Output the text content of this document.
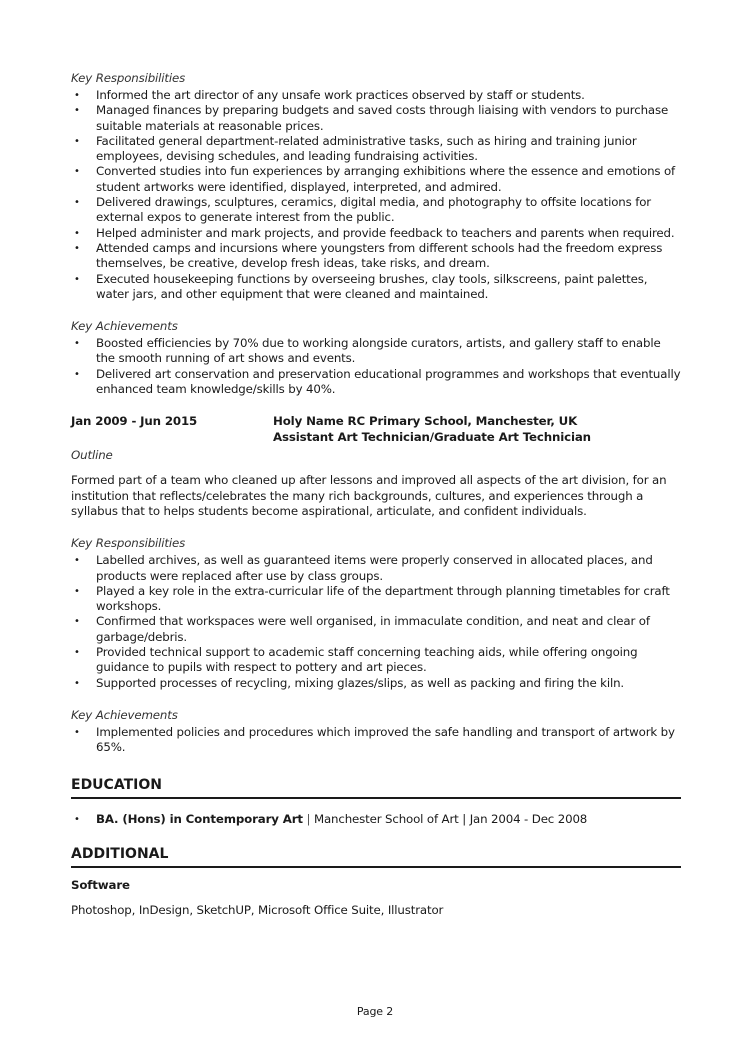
Key Responsibilities
• Informed the art director of any unsafe work practices observed by staff or students.
• Managed finances by preparing budgets and saved costs through liaising with vendors to purchase suitable materials at reasonable prices.
• Facilitated general department-related administrative tasks, such as hiring and training junior employees, devising schedules, and leading fundraising activities.
• Converted studies into fun experiences by arranging exhibitions where the essence and emotions of student artworks were identified, displayed, interpreted, and admired.
• Delivered drawings, sculptures, ceramics, digital media, and photography to offsite locations for external expos to generate interest from the public.
• Helped administer and mark projects, and provide feedback to teachers and parents when required.
• Attended camps and incursions where youngsters from different schools had the freedom express themselves, be creative, develop fresh ideas, take risks, and dream.
• Executed housekeeping functions by overseeing brushes, clay tools, silkscreens, paint palettes, water jars, and other equipment that were cleaned and maintained.
Key Achievements
• Boosted efficiencies by 70% due to working alongside curators, artists, and gallery staff to enable the smooth running of art shows and events.
• Delivered art conservation and preservation educational programmes and workshops that eventually enhanced team knowledge/skills by 40%.
Jan 2009 - Jun 2015	Holy Name RC Primary School, Manchester, UK
Assistant Art Technician/Graduate Art Technician
Outline
Formed part of a team who cleaned up after lessons and improved all aspects of the art division, for an institution that reflects/celebrates the many rich backgrounds, cultures, and experiences through a syllabus that to helps students become aspirational, articulate, and confident individuals.
Key Responsibilities
• Labelled archives, as well as guaranteed items were properly conserved in allocated places, and products were replaced after use by class groups.
• Played a key role in the extra-curricular life of the department through planning timetables for craft workshops.
• Confirmed that workspaces were well organised, in immaculate condition, and neat and clear of garbage/debris.
• Provided technical support to academic staff concerning teaching aids, while offering ongoing guidance to pupils with respect to pottery and art pieces.
• Supported processes of recycling, mixing glazes/slips, as well as packing and firing the kiln.
Key Achievements
• Implemented policies and procedures which improved the safe handling and transport of artwork by 65%.
EDUCATION
• BA. (Hons) in Contemporary Art | Manchester School of Art | Jan 2004 - Dec 2008
ADDITIONAL
Software
Photoshop, InDesign, SketchUP, Microsoft Office Suite, Illustrator
Page 2
